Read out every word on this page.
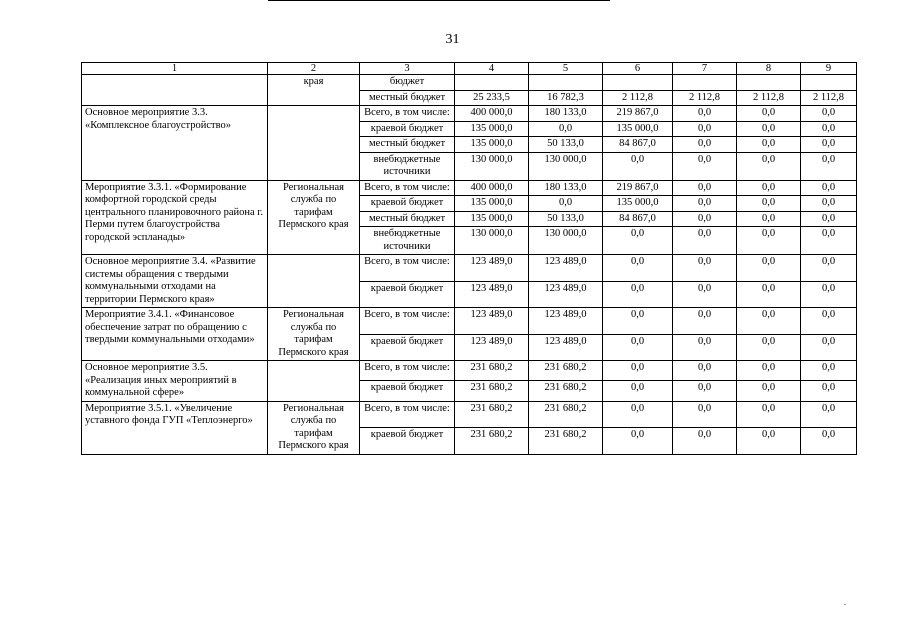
31
1	2	3	4	5	6	7	8	9
	края	бюджет						
		местный бюджет	25 233,5	16 782,3	2 112,8	2 112,8	2 112,8	2 112,8
Основное мероприятие 3.3. «Комплексное благоустройство»		Всего, в том числе:	400 000,0	180 133,0	219 867,0	0,0	0,0	0,0
		краевой бюджет	135 000,0	0,0	135 000,0	0,0	0,0	0,0
		местный бюджет	135 000,0	50 133,0	84 867,0	0,0	0,0	0,0
		внебюджетные источники	130 000,0	130 000,0	0,0	0,0	0,0	0,0
Мероприятие 3.3.1. «Формирование комфортной городской среды центрального планировочного района г. Перми путем благоустройства городской эспланады»	Региональная служба по тарифам Пермского края	Всего, в том числе:	400 000,0	180 133,0	219 867,0	0,0	0,0	0,0
		краевой бюджет	135 000,0	0,0	135 000,0	0,0	0,0	0,0
		местный бюджет	135 000,0	50 133,0	84 867,0	0,0	0,0	0,0
		внебюджетные источники	130 000,0	130 000,0	0,0	0,0	0,0	0,0
Основное мероприятие 3.4. «Развитие системы обращения с твердыми коммунальными отходами на территории Пермского края»		Всего, в том числе:	123 489,0	123 489,0	0,0	0,0	0,0	0,0
		краевой бюджет	123 489,0	123 489,0	0,0	0,0	0,0	0,0
Мероприятие 3.4.1. «Финансовое обеспечение затрат по обращению с твердыми коммунальными отходами»	Региональная служба по тарифам Пермского края	Всего, в том числе:	123 489,0	123 489,0	0,0	0,0	0,0	0,0
		краевой бюджет	123 489,0	123 489,0	0,0	0,0	0,0	0,0
Основное мероприятие 3.5. «Реализация иных мероприятий в коммунальной сфере»		Всего, в том числе:	231 680,2	231 680,2	0,0	0,0	0,0	0,0
		краевой бюджет	231 680,2	231 680,2	0,0	0,0	0,0	0,0
Мероприятие 3.5.1. «Увеличение уставного фонда ГУП «Теплоэнерго»	Региональная служба по тарифам Пермского края	Всего, в том числе:	231 680,2	231 680,2	0,0	0,0	0,0	0,0
		краевой бюджет	231 680,2	231 680,2	0,0	0,0	0,0	0,0
